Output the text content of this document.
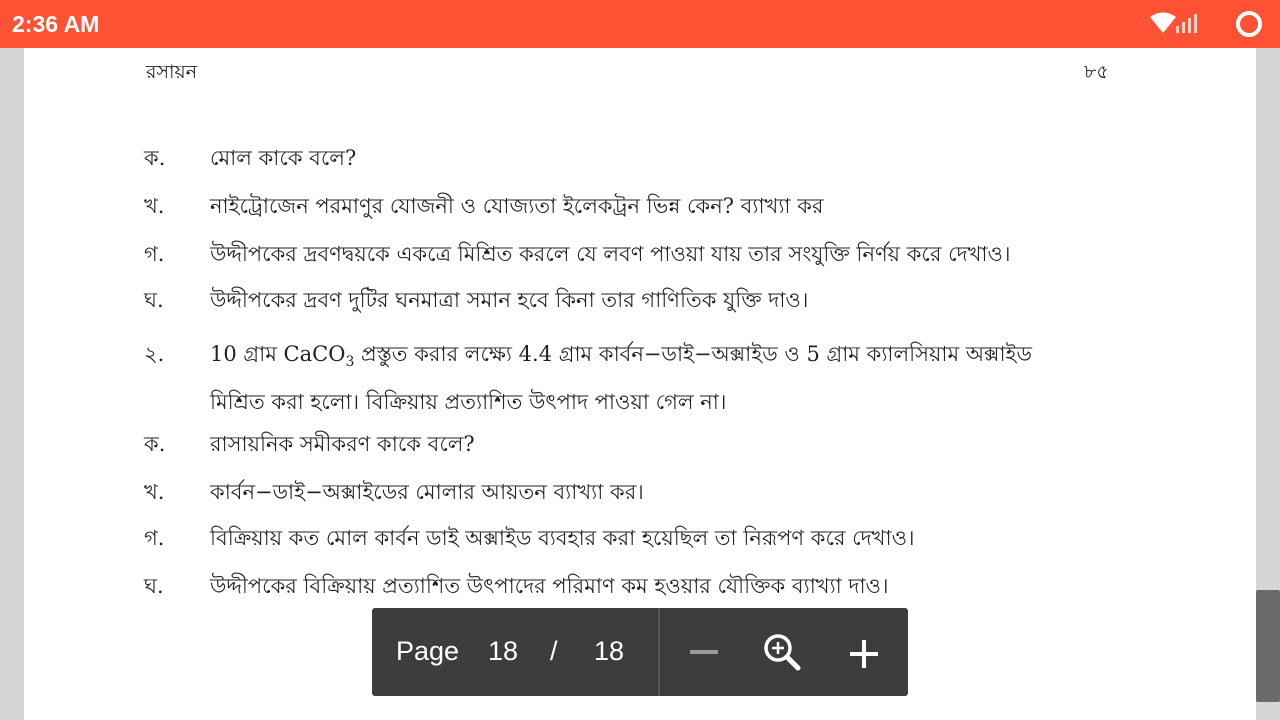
2:36 AM
রসায়ন	৮৫
ক.	মোল কাকে বলে?
খ.	নাইট্রোজেন পরমাণুর যোজনী ও যোজ্যতা ইলেকট্রন ভিন্ন কেন? ব্যাখ্যা কর
গ.	উদ্দীপকের দ্রবণদ্বয়কে একত্রে মিশ্রিত করলে যে লবণ পাওয়া যায় তার সংযুক্তি নির্ণয় করে দেখাও।
ঘ.	উদ্দীপকের দ্রবণ দুটির ঘনমাত্রা সমান হবে কিনা তার গাণিতিক যুক্তি দাও।
২.	10 গ্রাম CaCO$_3$ প্রস্তুত করার লক্ষ্যে 4.4 গ্রাম কার্বন−ডাই−অক্সাইড ও 5 গ্রাম ক্যালসিয়াম অক্সাইড
মিশ্রিত করা হলো। বিক্রিয়ায় প্রত্যাশিত উৎপাদ পাওয়া গেল না।
ক.	রাসায়নিক সমীকরণ কাকে বলে?
খ.	কার্বন−ডাই−অক্সাইডের মোলার আয়তন ব্যাখ্যা কর।
গ.	বিক্রিয়ায় কত মোল কার্বন ডাই অক্সাইড ব্যবহার করা হয়েছিল তা নিরূপণ করে দেখাও।
ঘ.	উদ্দীপকের বিক্রিয়ায় প্রত্যাশিত উৎপাদের পরিমাণ কম হওয়ার যৌক্তিক ব্যাখ্যা দাও।
Page 18 / 18
